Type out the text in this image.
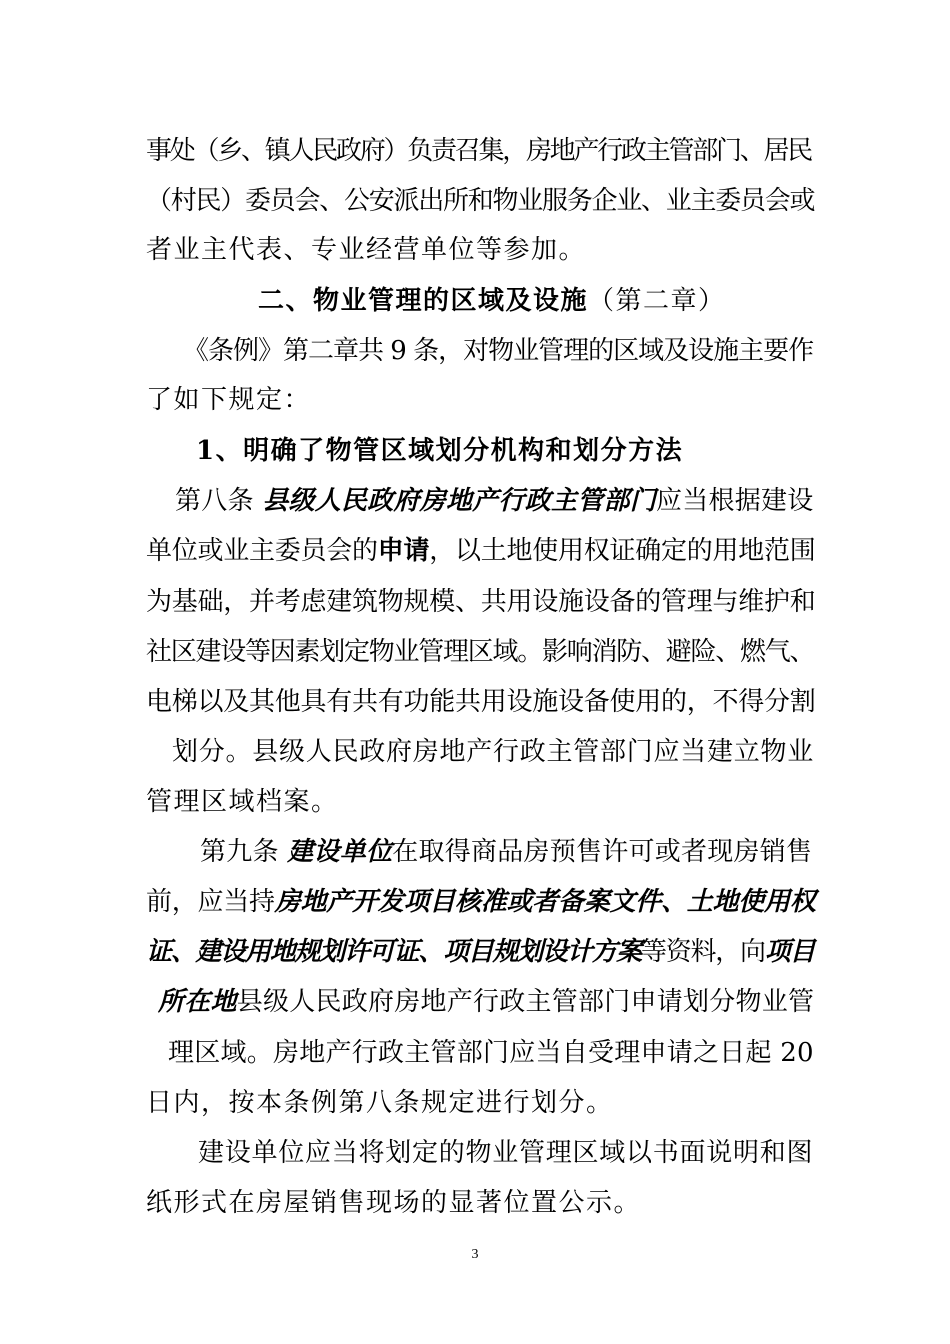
事处（乡、镇人民政府）负责召集，房地产行政主管部门、居民
（村民）委员会、公安派出所和物业服务企业、业主委员会或
者业主代表、专业经营单位等参加。
二、物业管理的区域及设施（第二章）
《条例》第二章共 9 条，对物业管理的区域及设施主要作
了如下规定：
1、明确了物管区域划分机构和划分方法
第八条 县级人民政府房地产行政主管部门应当根据建设
单位或业主委员会的申请，以土地使用权证确定的用地范围
为基础，并考虑建筑物规模、共用设施设备的管理与维护和
社区建设等因素划定物业管理区域。影响消防、避险、燃气、
电梯以及其他具有共有功能共用设施设备使用的，不得分割
划分。县级人民政府房地产行政主管部门应当建立物业
管理区域档案。
第九条 建设单位在取得商品房预售许可或者现房销售
前，应当持房地产开发项目核准或者备案文件、土地使用权
证、建设用地规划许可证、项目规划设计方案等资料，向项目
所在地县级人民政府房地产行政主管部门申请划分物业管
理区域。房地产行政主管部门应当自受理申请之日起 20
日内，按本条例第八条规定进行划分。
建设单位应当将划定的物业管理区域以书面说明和图
纸形式在房屋销售现场的显著位置公示。
3
